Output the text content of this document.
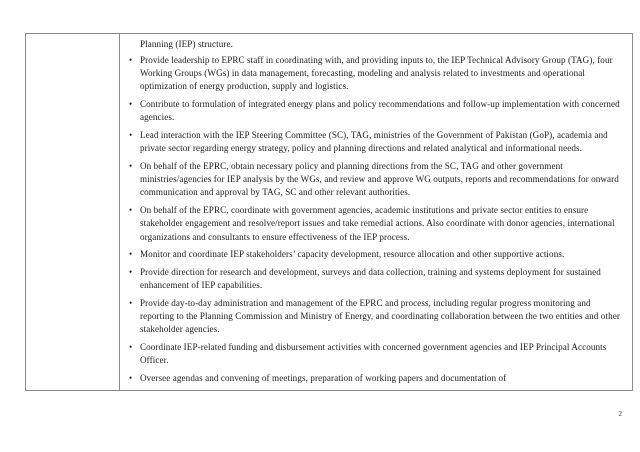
Planning (IEP) structure.

• Provide leadership to EPRC staff in coordinating with, and providing inputs to, the IEP Technical Advisory Group (TAG), four Working Groups (WGs) in data management, forecasting, modeling and analysis related to investments and operational optimization of energy production, supply and logistics.
• Contribute to formulation of integrated energy plans and policy recommendations and follow-up implementation with concerned agencies.
• Lead interaction with the IEP Steering Committee (SC), TAG, ministries of the Government of Pakistan (GoP), academia and private sector regarding energy strategy, policy and planning directions and related analytical and informational needs.
• On behalf of the EPRC, obtain necessary policy and planning directions from the SC, TAG and other government ministries/agencies for IEP analysis by the WGs, and review and approve WG outputs, reports and recommendations for onward communication and approval by TAG, SC and other relevant authorities.
• On behalf of the EPRC, coordinate with government agencies, academic institutions and private sector entities to ensure stakeholder engagement and resolve/report issues and take remedial actions. Also coordinate with donor agencies, international organizations and consultants to ensure effectiveness of the IEP process.
• Monitor and coordinate IEP stakeholders’ capacity development, resource allocation and other supportive actions.
• Provide direction for research and development, surveys and data collection, training and systems deployment for sustained enhancement of IEP capabilities.
• Provide day-to-day administration and management of the EPRC and process, including regular progress monitoring and reporting to the Planning Commission and Ministry of Energy, and coordinating collaboration between the two entities and other stakeholder agencies.
• Coordinate IEP-related funding and disbursement activities with concerned government agencies and IEP Principal Accounts Officer.
• Oversee agendas and convening of meetings, preparation of working papers and documentation of
2
